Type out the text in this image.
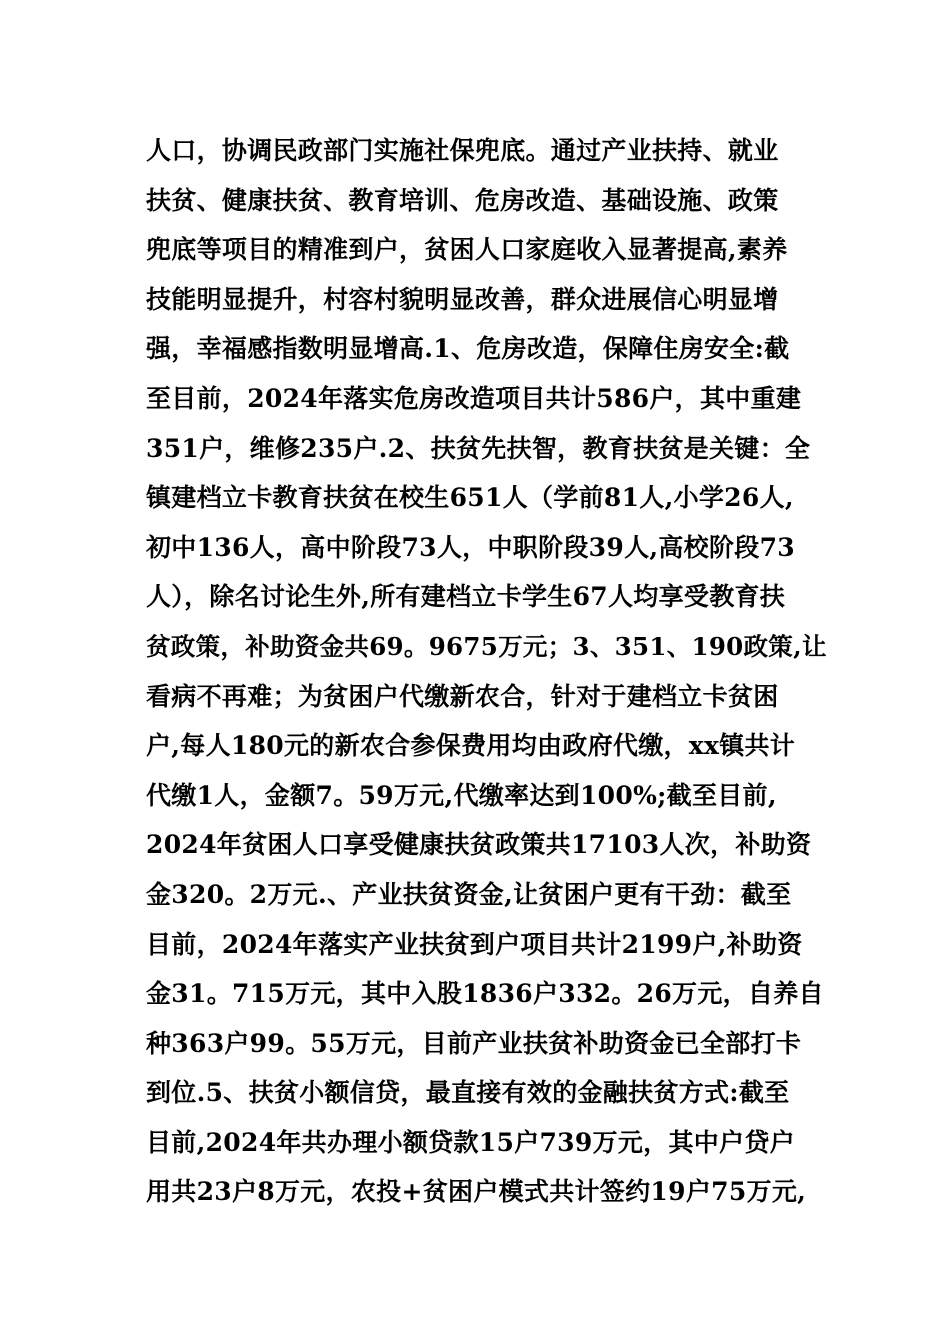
人口，协调民政部门实施社保兜底。通过产业扶持、就业
扶贫、健康扶贫、教育培训、危房改造、基础设施、政策
兜底等项目的精准到户，贫困人口家庭收入显著提高,素养
技能明显提升，村容村貌明显改善，群众进展信心明显增
强，幸福感指数明显增高.1、危房改造，保障住房安全:截
至目前，2024年落实危房改造项目共计586户，其中重建
351户，维修235户.2、扶贫先扶智，教育扶贫是关键：全
镇建档立卡教育扶贫在校生651人（学前81人,小学26人,
初中136人，高中阶段73人，中职阶段39人,高校阶段73
人），除名讨论生外,所有建档立卡学生67人均享受教育扶
贫政策，补助资金共69。9675万元；3、351、190政策,让
看病不再难；为贫困户代缴新农合，针对于建档立卡贫困
户,每人180元的新农合参保费用均由政府代缴，xx镇共计
代缴1人，金额7。59万元,代缴率达到100%;截至目前,
2024年贫困人口享受健康扶贫政策共17103人次，补助资
金320。2万元.、产业扶贫资金,让贫困户更有干劲：截至
目前，2024年落实产业扶贫到户项目共计2199户,补助资
金31。715万元，其中入股1836户332。26万元，自养自
种363户99。55万元，目前产业扶贫补助资金已全部打卡
到位.5、扶贫小额信贷，最直接有效的金融扶贫方式:截至
目前,2024年共办理小额贷款15户739万元，其中户贷户
用共23户8万元，农投+贫困户模式共计签约19户75万元,
